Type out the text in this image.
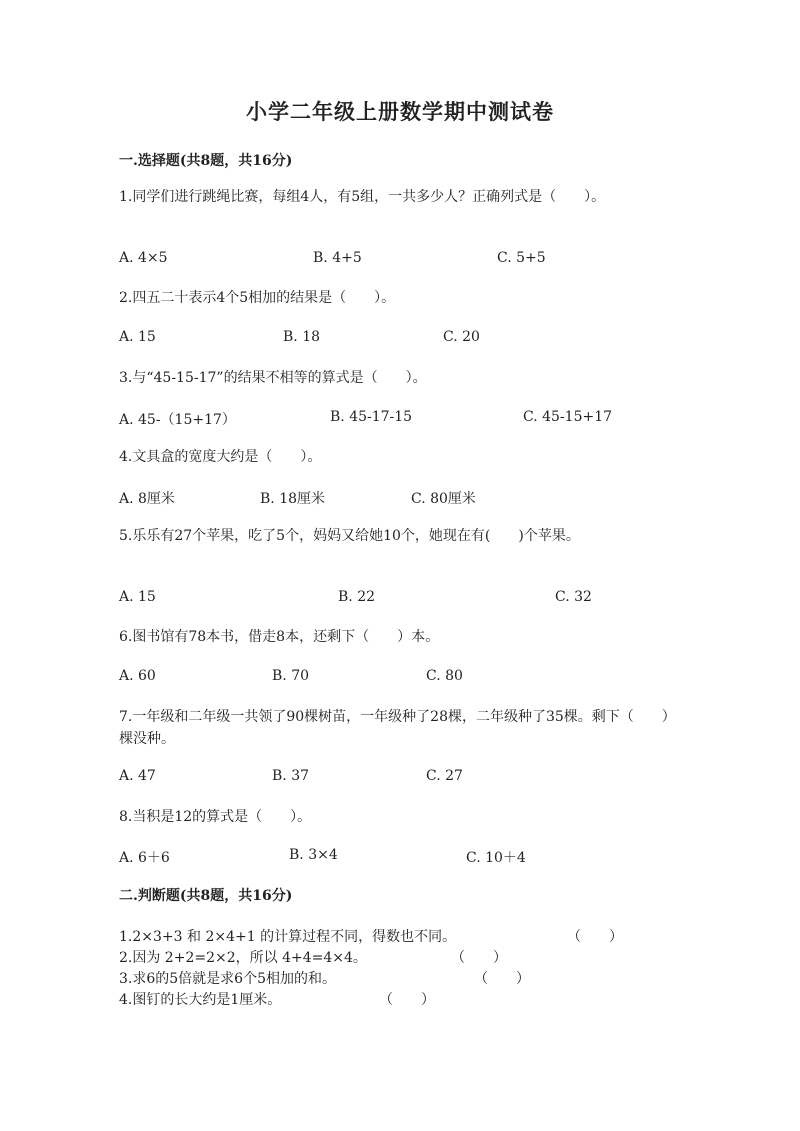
小学二年级上册数学期中测试卷
一.选择题(共8题，共16分)
1.同学们进行跳绳比赛，每组4人，有5组，一共多少人？正确列式是（　　）。
A. 4×5	B. 4+5	C. 5+5
2.四五二十表示4个5相加的结果是（　　）。
A. 15	B. 18	C. 20
3.与“45-15-17”的结果不相等的算式是（　　）。
A. 45-（15+17）	B. 45-17-15	C. 45-15+17
4.文具盒的宽度大约是（　　）。
A. 8厘米	B. 18厘米	C. 80厘米
5.乐乐有27个苹果，吃了5个，妈妈又给她10个，她现在有(　　)个苹果。
A. 15	B. 22	C. 32
6.图书馆有78本书，借走8本，还剩下（　　）本。
A. 60	B. 70	C. 80
7.一年级和二年级一共领了90棵树苗，一年级种了28棵，二年级种了35棵。剩下（　　）棵没种。
A. 47	B. 37	C. 27
8.当积是12的算式是（　　）。
A. 6＋6	B. 3×4	C. 10＋4
二.判断题(共8题，共16分)
1.2×3+3 和 2×4+1 的计算过程不同，得数也不同。	（　　）
2.因为 2+2=2×2，所以 4+4=4×4。	（　　）
3.求6的5倍就是求6个5相加的和。	（　　）
4.图钉的长大约是1厘米。	（　　）
